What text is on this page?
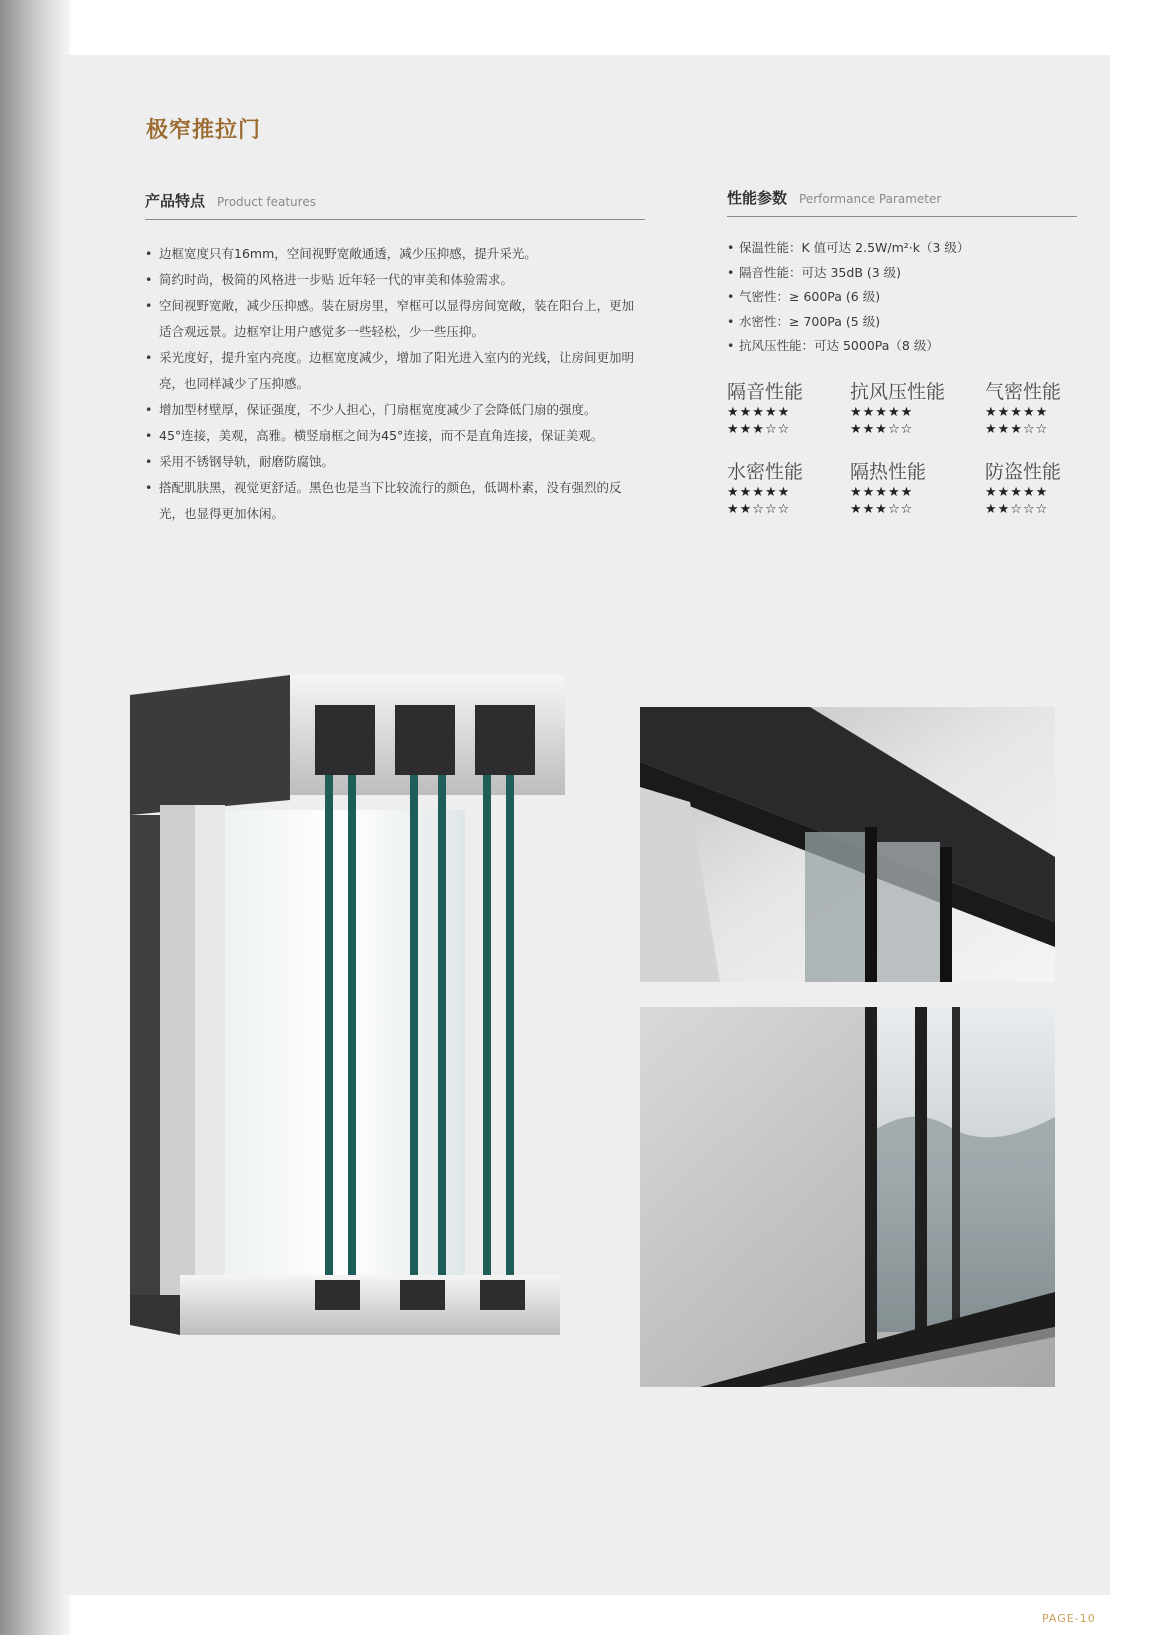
极窄推拉门
产品特点 Product features
• 边框宽度只有16mm，空间视野宽敞通透，减少压抑感，提升采光。
• 简约时尚，极简的风格进一步贴 近年轻一代的审美和体验需求。
• 空间视野宽敞，减少压抑感。装在厨房里，窄框可以显得房间宽敞，装在阳台上，更加适合观远景。边框窄让用户感觉多一些轻松，少一些压抑。
• 采光度好，提升室内亮度。边框宽度减少，增加了阳光进入室内的光线，让房间更加明亮，也同样减少了压抑感。
• 增加型材壁厚，保证强度，不少人担心，门扇框宽度减少了会降低门扇的强度。
• 45°连接，美观，高雅。横竖扇框之间为45°连接，而不是直角连接，保证美观。
• 采用不锈钢导轨，耐磨防腐蚀。
• 搭配肌肤黑，视觉更舒适。黑色也是当下比较流行的颜色，低调朴素，没有强烈的反光，也显得更加休闲。
性能参数 Performance Parameter
• 保温性能：K 值可达 2.5W/m²·k（3 级）
• 隔音性能：可达 35dB (3 级)
• 气密性：≥ 600Pa (6 级)
• 水密性：≥ 700Pa (5 级)
• 抗风压性能：可达 5000Pa（8 级）
隔音性能
★★★★★
★★★☆☆
抗风压性能
★★★★★
★★★☆☆
气密性能
★★★★★
★★★☆☆
水密性能
★★★★★
★★☆☆☆
隔热性能
★★★★★
★★★☆☆
防盗性能
★★★★★
★★☆☆☆
PAGE-10
